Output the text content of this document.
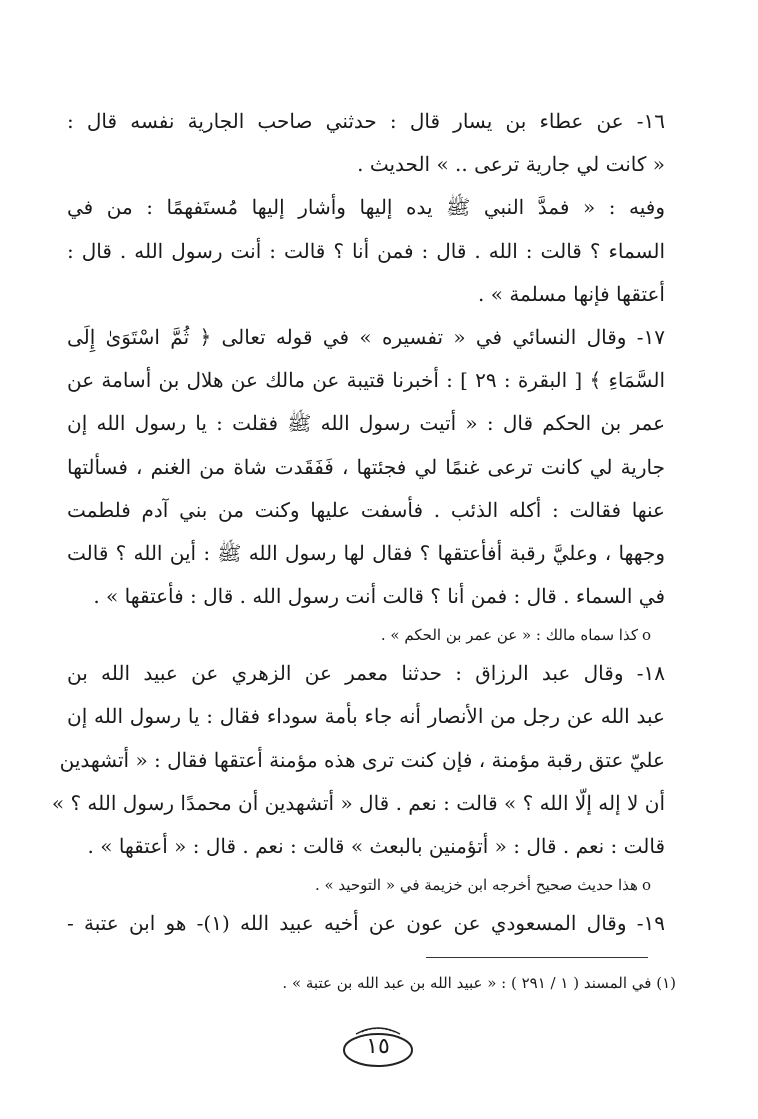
١٦- عن عطاء بن يسار قال : حدثني صاحب الجارية نفسه قال :
« كانت لي جارية ترعى .. » الحديث .
وفيه : « فمدَّ النبي ﷺ يده إليها وأشار إليها مُستَفهمًا : من في
السماء ؟ قالت : الله . قال : فمن أنا ؟ قالت : أنت رسول الله . قال :
أعتقها فإنها مسلمة » .
١٧- وقال النسائي في « تفسيره » في قوله تعالى ﴿ ثُمَّ اسْتَوَىٰ إِلَى
السَّمَاءِ ﴾ [ البقرة : ٢٩ ] : أخبرنا قتيبة عن مالك عن هلال بن أسامة عن
عمر بن الحكم قال : « أتيت رسول الله ﷺ فقلت : يا رسول الله إن
جارية لي كانت ترعى غنمًا لي فجئتها ، فَفَقَدت شاة من الغنم ، فسألتها
عنها فقالت : أكله الذئب . فأسفت عليها وكنت من بني آدم فلطمت
وجهها ، وعليَّ رقبة أفأعتقها ؟ فقال لها رسول الله ﷺ : أين الله ؟ قالت
في السماء . قال : فمن أنا ؟ قالت أنت رسول الله . قال : فأعتقها » .
oكذا سماه مالك : « عن عمر بن الحكم » .
١٨- وقال عبد الرزاق : حدثنا معمر عن الزهري عن عبيد الله بن
عبد الله عن رجل من الأنصار أنه جاء بأمة سوداء فقال : يا رسول الله إن
عليّ عتق رقبة مؤمنة ، فإن كنت ترى هذه مؤمنة أعتقها فقال : « أتشهدين
أن لا إله إلّا الله ؟ » قالت : نعم . قال « أتشهدين أن محمدًا رسول الله ؟ »
قالت : نعم . قال : « أتؤمنين بالبعث » قالت : نعم . قال : « أعتقها » .
oهذا حديث صحيح أخرجه ابن خزيمة في « التوحيد » .
١٩- وقال المسعودي عن عون عن أخيه عبيد الله (١)- هو ابن عتبة -
(١) في المسند ( ١ / ٢٩١ ) : « عبيد الله بن عبد الله بن عتبة » .
١٥
